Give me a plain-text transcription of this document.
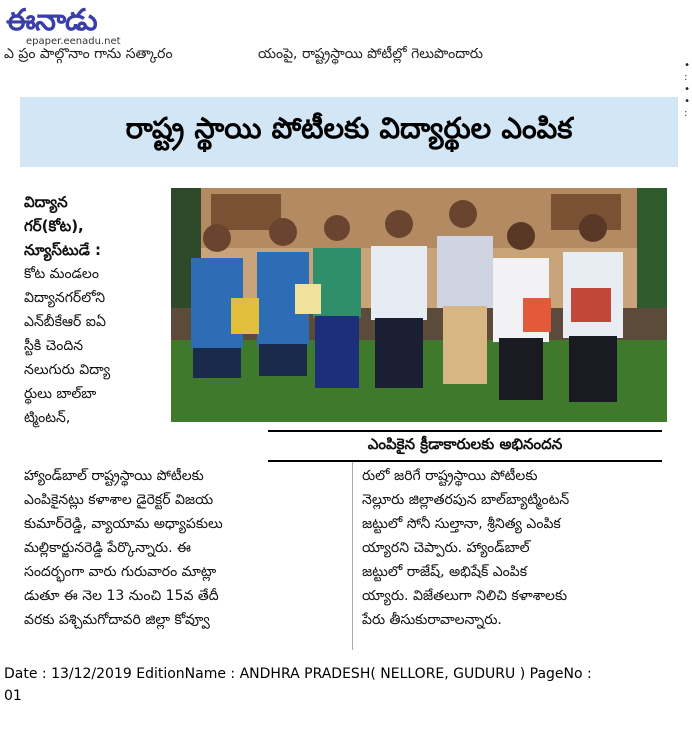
ఈనాడు
epaper.eenadu.net
ఎ ప్రం పాల్గొనాం గాను సత్కారం	యంపై, రాష్ట్రస్థాయి పోటీల్లో గెలుపొందారు
•
:
•
•
:
రాష్ట్ర స్థాయి పోటీలకు విద్యార్థుల ఎంపిక
ఎంపికైన క్రీడాకారులకు అభినందన

విద్యాన

గర్(కోట),

న్యూస్‌టుడే :

కోట మండలం

విద్యానగర్‌లోని

ఎన్‌బీకేఆర్ ఐఏ

స్టీకి చెందిన

నలుగురు విద్యా

ర్థులు బాల్‌బా

ట్మింటన్,

హ్యాండ్‌బాల్ రాష్ట్రస్థాయి పోటీలకు

ఎంపికైనట్లు కళాశాల డైరెక్టర్ విజయ

కుమార్‌రెడ్డి, వ్యాయామ అధ్యాపకులు

మల్లికార్జునరెడ్డి పేర్కొన్నారు. ఈ

సందర్భంగా వారు గురువారం మాట్లా

డుతూ ఈ నెల 13 నుంచి 15వ తేదీ

వరకు పశ్చిమగోదావరి జిల్లా కోవ్వూ

రులో జరిగే రాష్ట్రస్థాయి పోటీలకు

నెల్లూరు జిల్లాతరపున బాల్‌బ్యాట్మింటన్

జట్టులో సోనీ సుల్తానా, శ్రీనిత్య ఎంపిక

య్యారని చెప్పారు. హ్యాండ్‌బాల్

జట్టులో రాజేష్, అభిషేక్ ఎంపిక

య్యారు. విజేతలుగా నిలిచి కళాశాలకు

పేరు తీసుకురావాలన్నారు.

Date : 13/12/2019 EditionName : ANDHRA PRADESH( NELLORE, GUDURU ) PageNo :
01
